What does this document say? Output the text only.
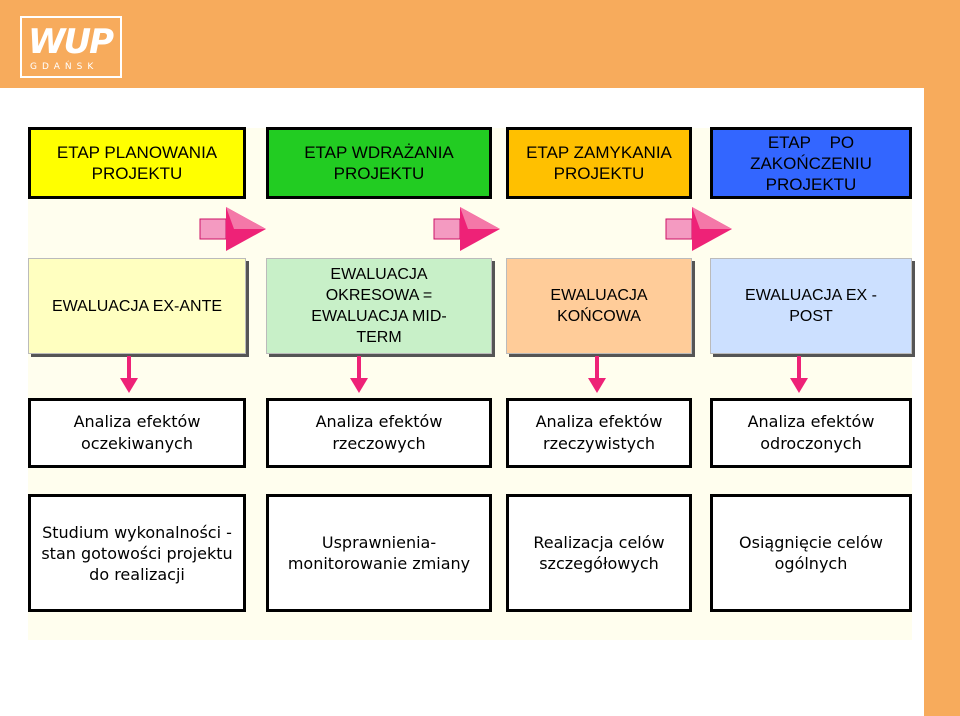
WUP
GDAŃSK
ETAP PLANOWANIA PROJEKTU
ETAP WDRAŻANIA PROJEKTU
ETAP ZAMYKANIA PROJEKTU
ETAP    PO ZAKOŃCZENIU PROJEKTU
EWALUACJA EX-ANTE
EWALUACJA OKRESOWA = EWALUACJA MID-TERM
EWALUACJA KOŃCOWA
EWALUACJA EX - POST
Analiza efektów oczekiwanych
Analiza efektów rzeczowych
Analiza efektów rzeczywistych
Analiza efektów odroczonych
Studium wykonalności - stan gotowości projektu do realizacji
Usprawnienia-monitorowanie zmiany
Realizacja celów szczegółowych
Osiągnięcie celów ogólnych
